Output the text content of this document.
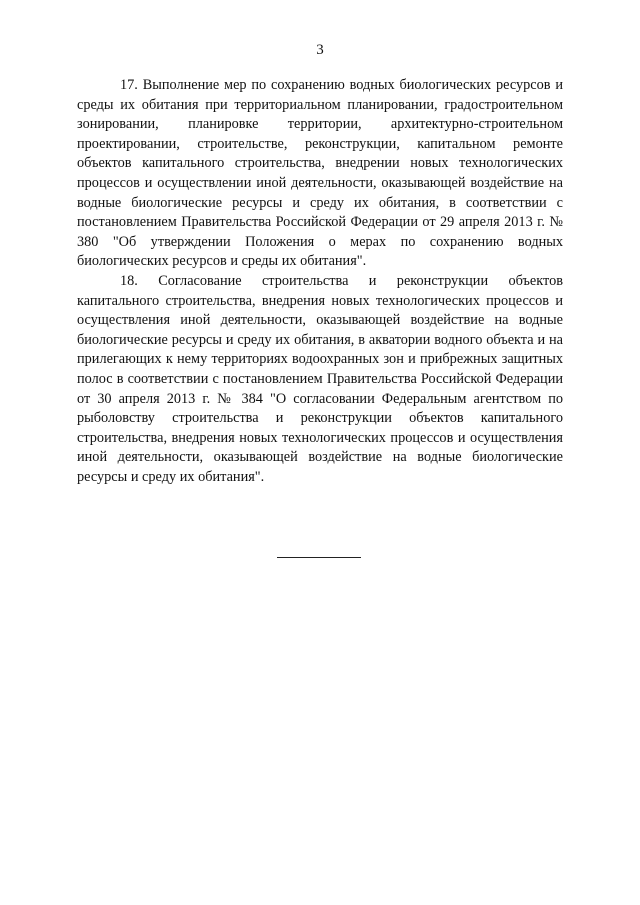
3

17. Выполнение мер по сохранению водных биологических ресурсов и среды их обитания при территориальном планировании, градостроительном зонировании, планировке территории, архитектурно-строительном проектировании, строительстве, реконструкции, капитальном ремонте объектов капитального строительства, внедрении новых технологических процессов и осуществлении иной деятельности, оказывающей воздействие на водные биологические ресурсы и среду их обитания, в соответствии с постановлением Правительства Российской Федерации от 29 апреля 2013 г. № 380 "Об утверждении Положения о мерах по сохранению водных биологических ресурсов и среды их обитания".

18. Согласование строительства и реконструкции объектов капитального строительства, внедрения новых технологических процессов и осуществления иной деятельности, оказывающей воздействие на водные биологические ресурсы и среду их обитания, в акватории водного объекта и на прилегающих к нему территориях водоохранных зон и прибрежных защитных полос в соответствии с постановлением Правительства Российской Федерации от 30 апреля 2013 г. № 384 "О согласовании Федеральным агентством по рыболовству строительства и реконструкции объектов капитального строительства, внедрения новых технологических процессов и осуществления иной деятельности, оказывающей воздействие на водные биологические ресурсы и среду их обитания".
